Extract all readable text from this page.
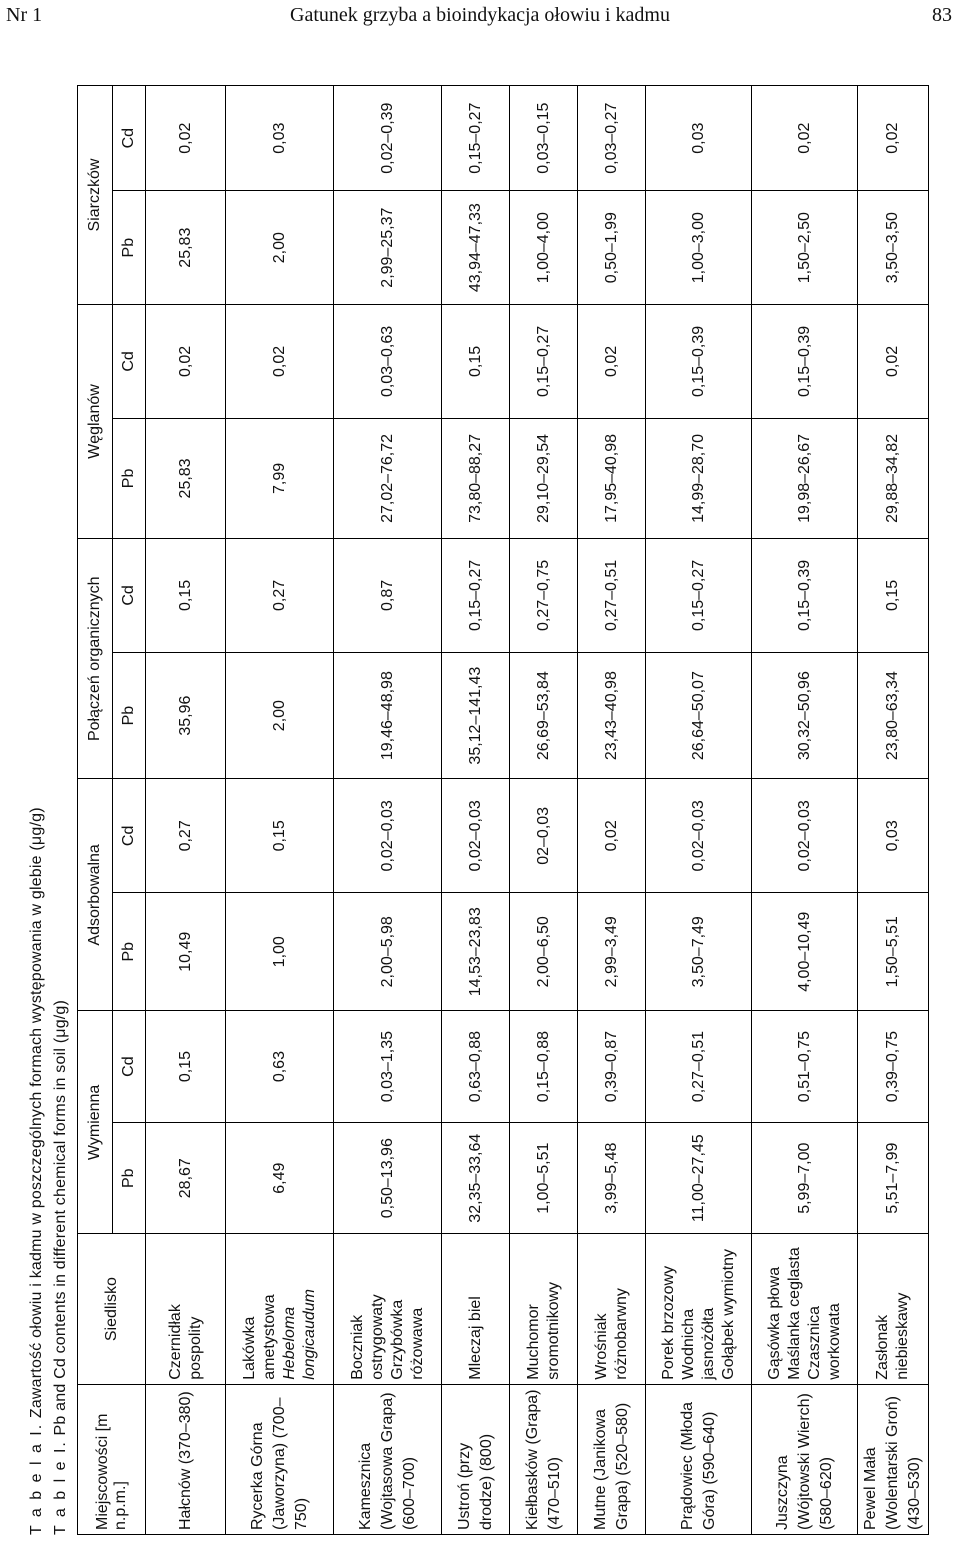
Nr 1	Gatunek grzyba a bioindykacja ołowiu i kadmu	83
T a b e l a I. Zawartość ołowiu i kadmu w poszczególnych formach występowania w glebie (μg/g)
T a b l e I. Pb and Cd contents in different chemical forms in soil (μg/g)
Miejscowości [m n.p.m.]	Siedlisko	Wymienna		Adsorbowalna		Połączeń organicznych		Węglanów		Siarczków	
		Pb	Cd	Pb	Cd	Pb	Cd	Pb	Cd	Pb	Cd
Hałcnów (370–380)	Czernidłak pospolity	28,67	0,15	10,49	0,27	35,96	0,15	25,83	0,02	25,83	0,02
Rycerka Górna (Jaworzyna) (700–750)	Lakówka ametystowa Hebeloma longicaudum	6,49	0,63	1,00	0,15	2,00	0,27	7,99	0,02	2,00	0,03
Kamesznica (Wojtasowa Grapa) (600–700)	Boczniak ostrygowaty Grzybówka różowawa	0,50–13,96	0,03–1,35	2,00–5,98	0,02–0,03	19,46–48,98	0,87	27,02–76,72	0,03–0,63	2,99–25,37	0,02–0,39
Ustroń (przy drodze) (800)	Mleczaj biel	32,35–33,64	0,63–0,88	14,53–23,83	0,02–0,03	35,12–141,43	0,15–0,27	73,80–88,27	0,15	43,94–47,33	0,15–0,27
Kiełbasków (Grapa) (470–510)	Muchomor sromotnikowy	1,00–5,51	0,15–0,88	2,00–6,50	02–0,03	26,69–53,84	0,27–0,75	29,10–29,54	0,15–0,27	1,00–4,00	0,03–0,15
Mutne (Janikowa Grapa) (520–580)	Wrośniak różnobarwny	3,99–5,48	0,39–0,87	2,99–3,49	0,02	23,43–40,98	0,27–0,51	17,95–40,98	0,02	0,50–1,99	0,03–0,27
Prądowiec (Młoda Góra) (590–640)	Porek brzozowy Wodnicha jasnożółta Gołąbek wymiotny	11,00–27,45	0,27–0,51	3,50–7,49	0,02–0,03	26,64–50,07	0,15–0,27	14,99–28,70	0,15–0,39	1,00–3,00	0,03
Juszczyna (Wójtowski Wierch) (580–620)	Gąsówka płowa Maślanka ceglasta Czasznica workowata	5,99–7,00	0,51–0,75	4,00–10,49	0,02–0,03	30,32–50,96	0,15–0,39	19,98–26,67	0,15–0,39	1,50–2,50	0,02
Pewel Mała (Wolentarski Groń) (430–530)	Zasłonak niebieskawy	5,51–7,99	0,39–0,75	1,50–5,51	0,03	23,80–63,34	0,15	29,88–34,82	0,02	3,50–3,50	0,02
